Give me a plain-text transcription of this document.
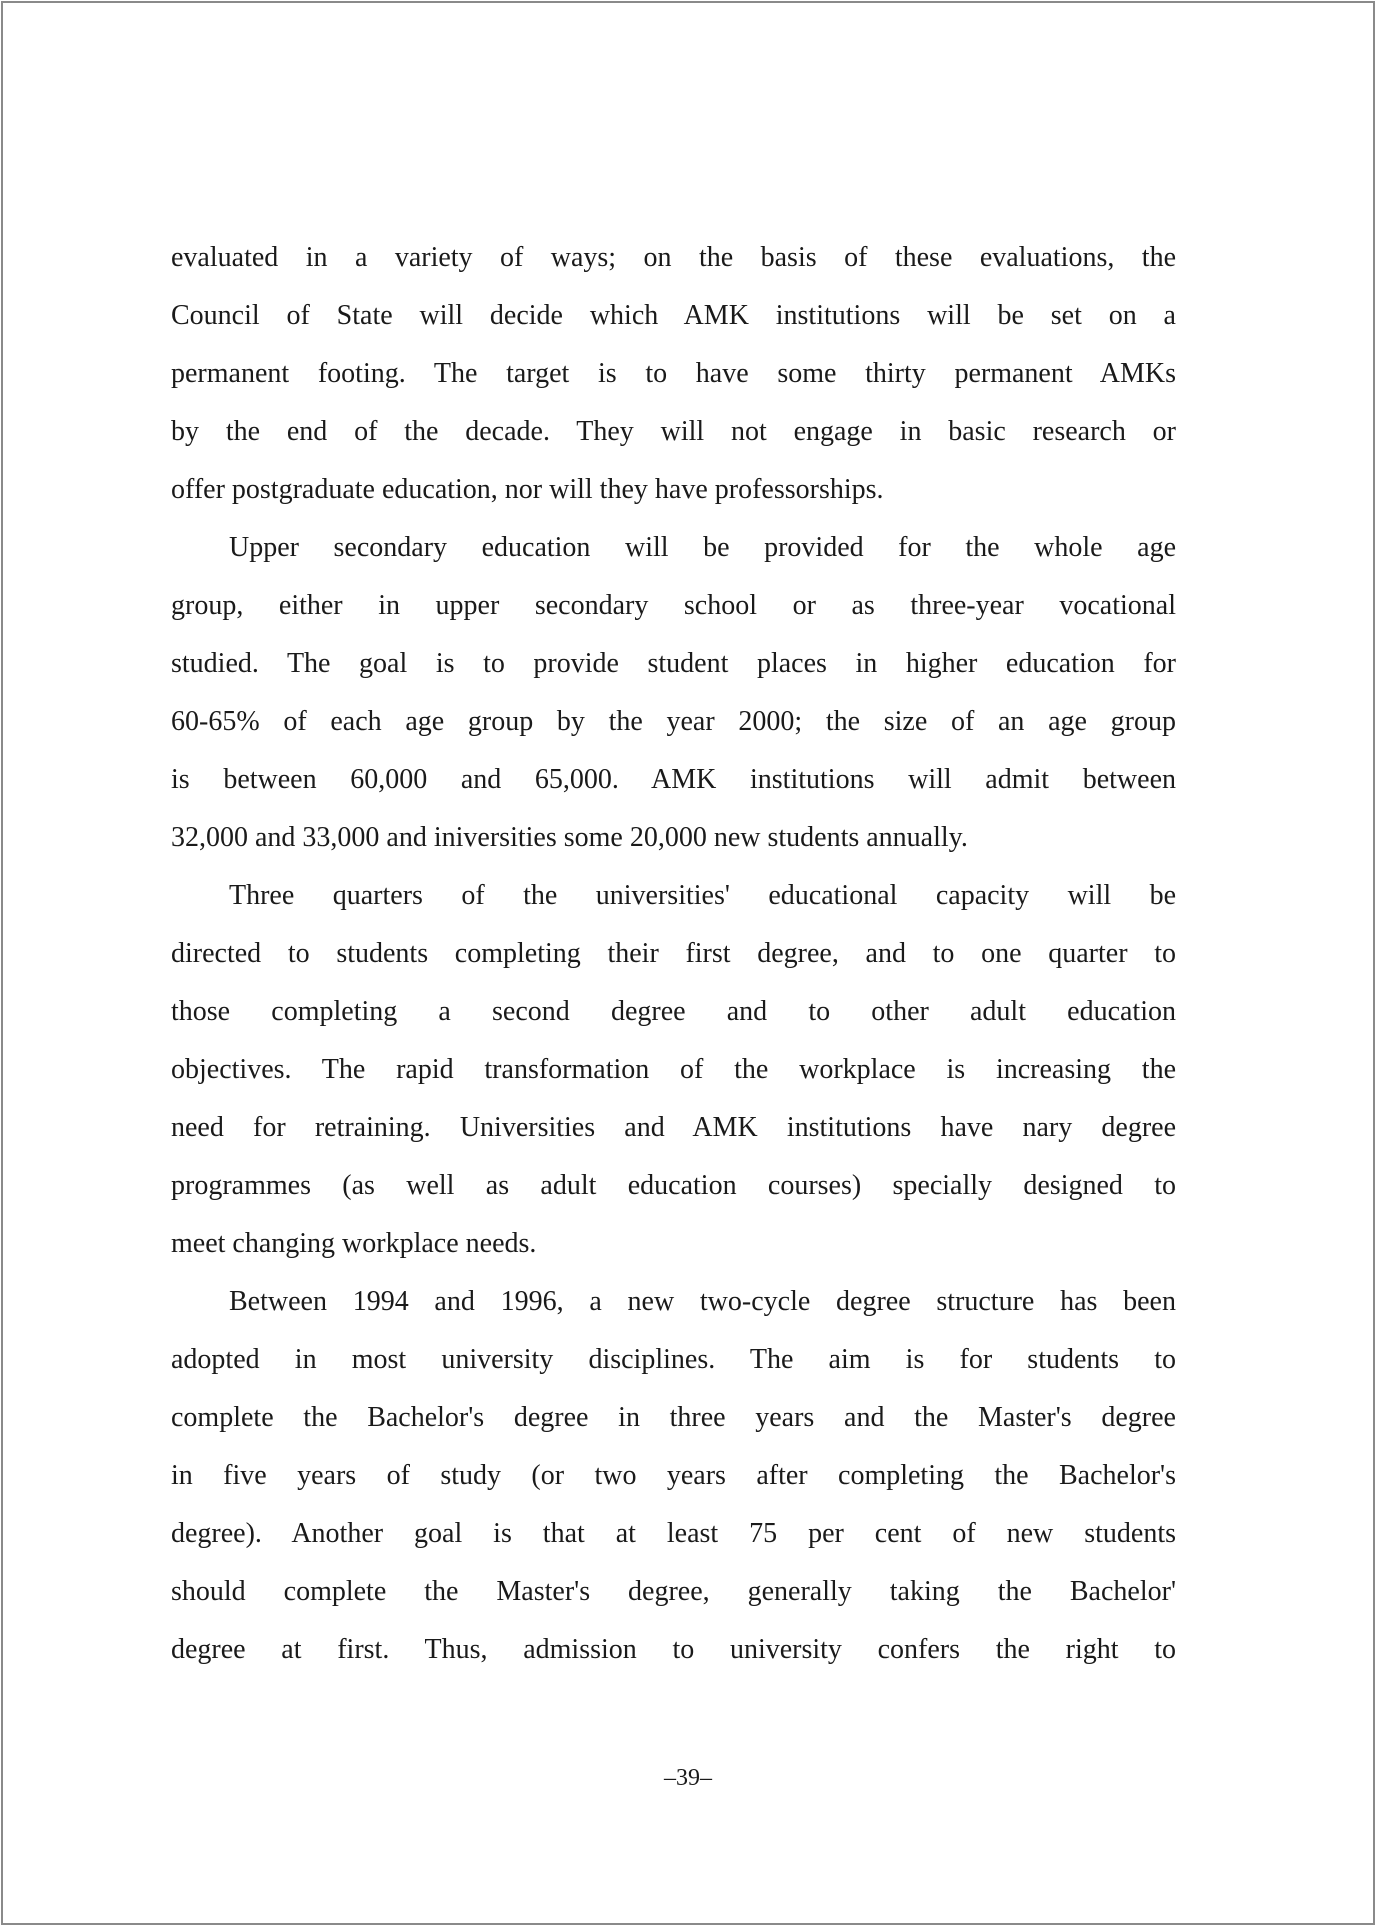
evaluated in a variety of ways; on the basis of these evaluations, the
Council of State will decide which AMK institutions will be set on a
permanent footing. The target is to have some thirty permanent AMKs
by the end of the decade. They will not engage in basic research or
offer postgraduate education, nor will they have professorships.
Upper secondary education will be provided for the whole age
group, either in upper secondary school or as three-year vocational
studied. The goal is to provide student places in higher education for
60-65% of each age group by the year 2000; the size of an age group
is between 60,000 and 65,000. AMK institutions will admit between
32,000 and 33,000 and iniversities some 20,000 new students annually.
Three quarters of the universities' educational capacity will be
directed to students completing their first degree, and to one quarter to
those completing a second degree and to other adult education
objectives. The rapid transformation of the workplace is increasing the
need for retraining. Universities and AMK institutions have nary degree
programmes (as well as adult education courses) specially designed to
meet changing workplace needs.
Between 1994 and 1996, a new two-cycle degree structure has been
adopted in most university disciplines. The aim is for students to
complete the Bachelor's degree in three years and the Master's degree
in five years of study (or two years after completing the Bachelor's
degree). Another goal is that at least 75 per cent of new students
should complete the Master's degree, generally taking the Bachelor'
degree at first. Thus, admission to university confers the right to
–39–
